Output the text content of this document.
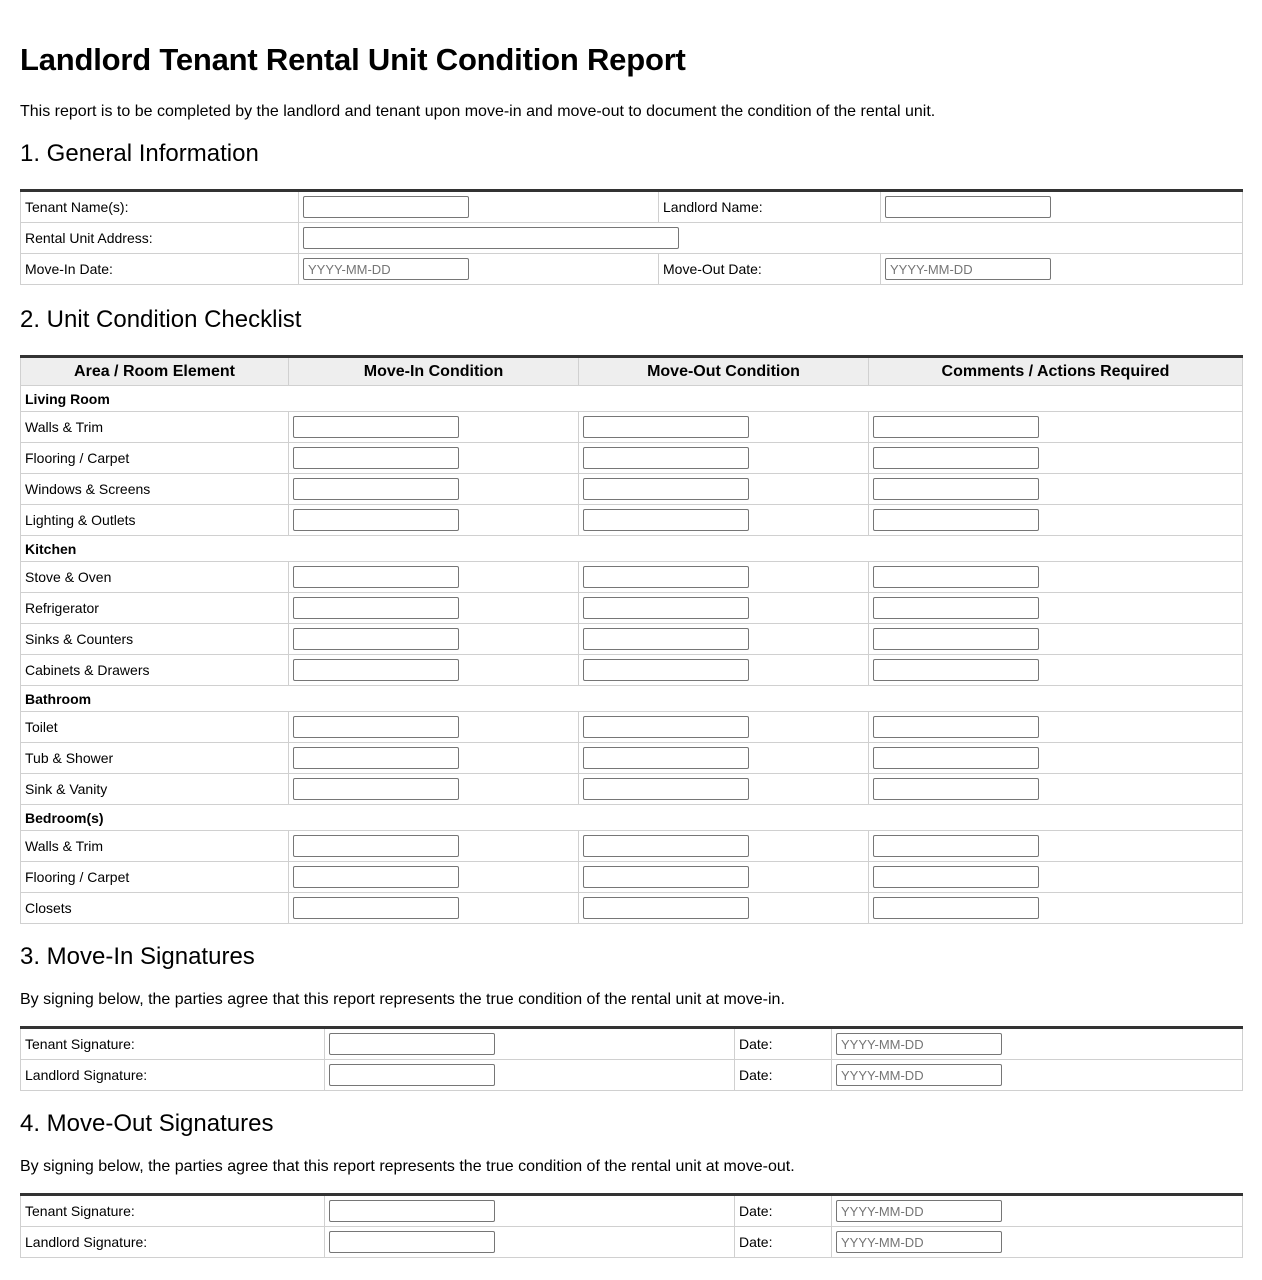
Landlord Tenant Rental Unit Condition Report

This report is to be completed by the landlord and tenant upon move-in and move-out to document the condition of the rental unit.

1. General Information
Tenant Name(s):		Landlord Name:	
Rental Unit Address:	
Move-In Date:	YYYY-MM-DD	Move-Out Date:	YYYY-MM-DD
2. Unit Condition Checklist
Area / Room Element	Move-In Condition	Move-Out Condition	Comments / Actions Required
Living Room			
Walls & Trim			
Flooring / Carpet			
Windows & Screens			
Lighting & Outlets			
Kitchen			
Stove & Oven			
Refrigerator			
Sinks & Counters			
Cabinets & Drawers			
Bathroom			
Toilet			
Tub & Shower			
Sink & Vanity			
Bedroom(s)			
Walls & Trim			
Flooring / Carpet			
Closets			
3. Move-In Signatures

By signing below, the parties agree that this report represents the true condition of the rental unit at move-in.

Tenant Signature:		Date:	YYYY-MM-DD
Landlord Signature:		Date:	YYYY-MM-DD
4. Move-Out Signatures

By signing below, the parties agree that this report represents the true condition of the rental unit at move-out.

Tenant Signature:		Date:	YYYY-MM-DD
Landlord Signature:		Date:	YYYY-MM-DD
